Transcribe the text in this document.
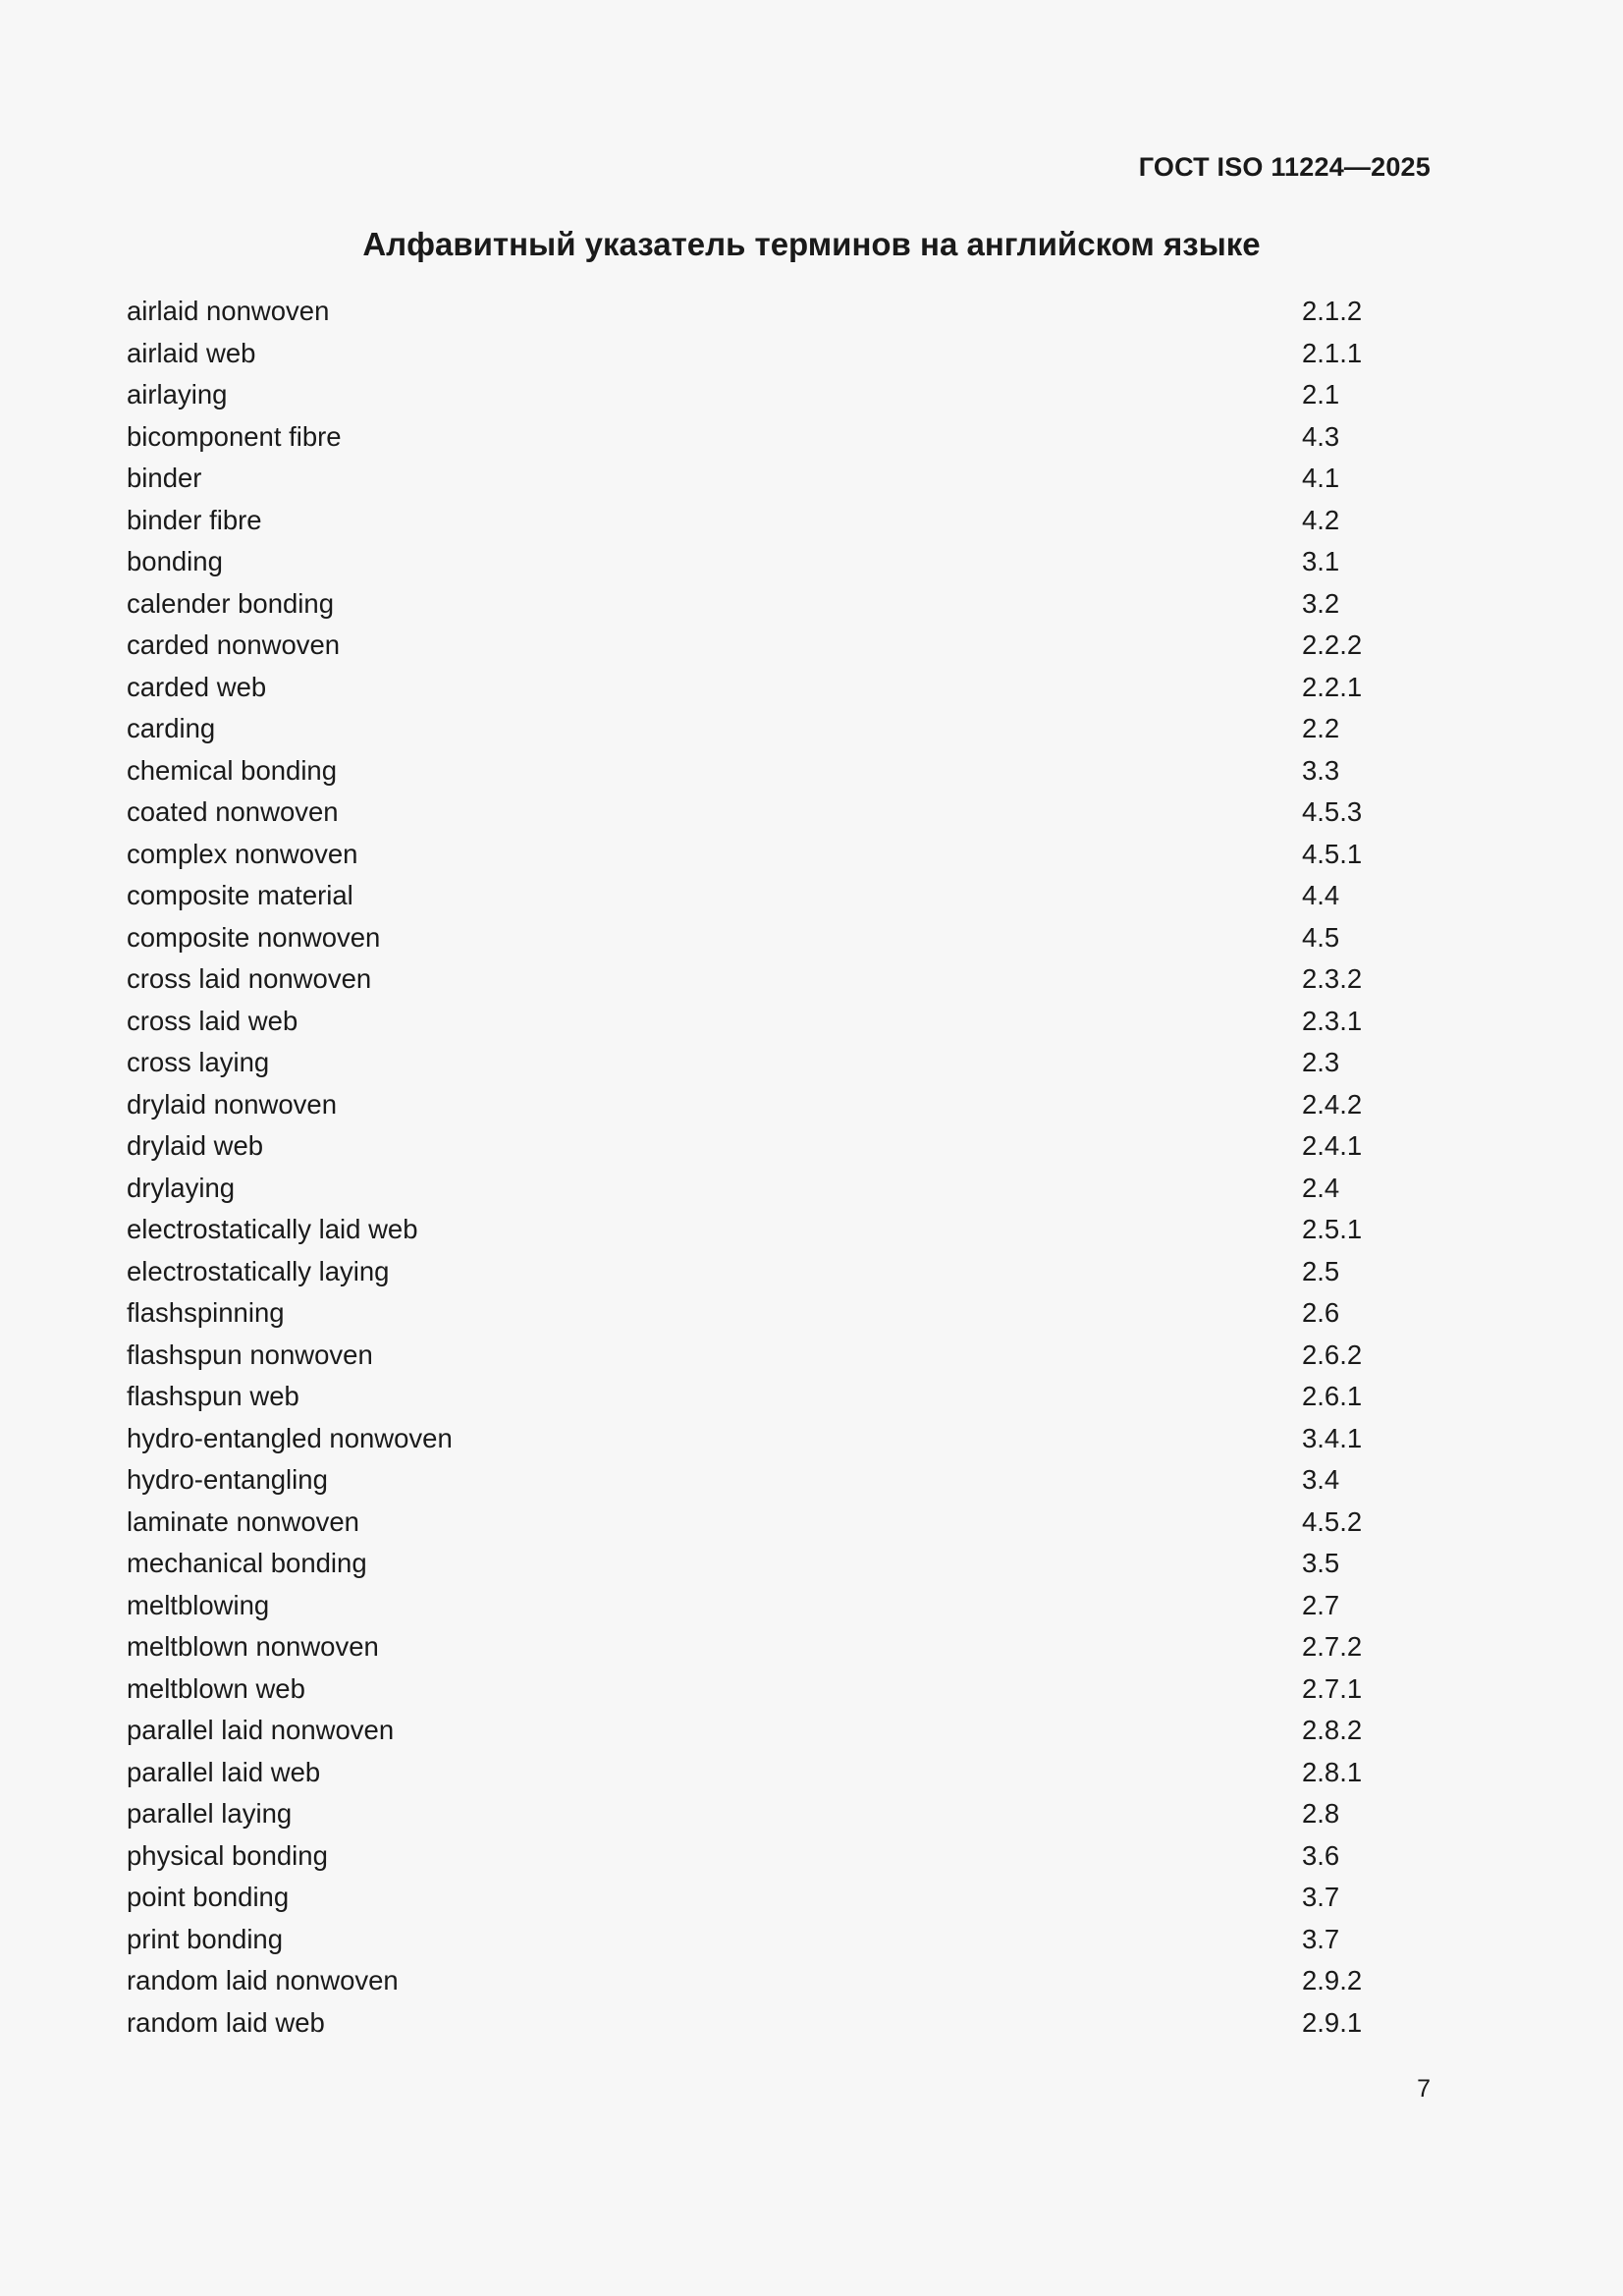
ГОСТ ISO 11224—2025
Алфавитный указатель терминов на английском языке
airlaid nonwoven	2.1.2
airlaid web	2.1.1
airlaying	2.1
bicomponent fibre	4.3
binder	4.1
binder fibre	4.2
bonding	3.1
calender bonding	3.2
carded nonwoven	2.2.2
carded web	2.2.1
carding	2.2
chemical bonding	3.3
coated nonwoven	4.5.3
complex nonwoven	4.5.1
composite material	4.4
composite nonwoven	4.5
cross laid nonwoven	2.3.2
cross laid web	2.3.1
cross laying	2.3
drylaid nonwoven	2.4.2
drylaid web	2.4.1
drylaying	2.4
electrostatically laid web	2.5.1
electrostatically laying	2.5
flashspinning	2.6
flashspun nonwoven	2.6.2
flashspun web	2.6.1
hydro-entangled nonwoven	3.4.1
hydro-entangling	3.4
laminate nonwoven	4.5.2
mechanical bonding	3.5
meltblowing	2.7
meltblown nonwoven	2.7.2
meltblown web	2.7.1
parallel laid nonwoven	2.8.2
parallel laid web	2.8.1
parallel laying	2.8
physical bonding	3.6
point bonding	3.7
print bonding	3.7
random laid nonwoven	2.9.2
random laid web	2.9.1
7
